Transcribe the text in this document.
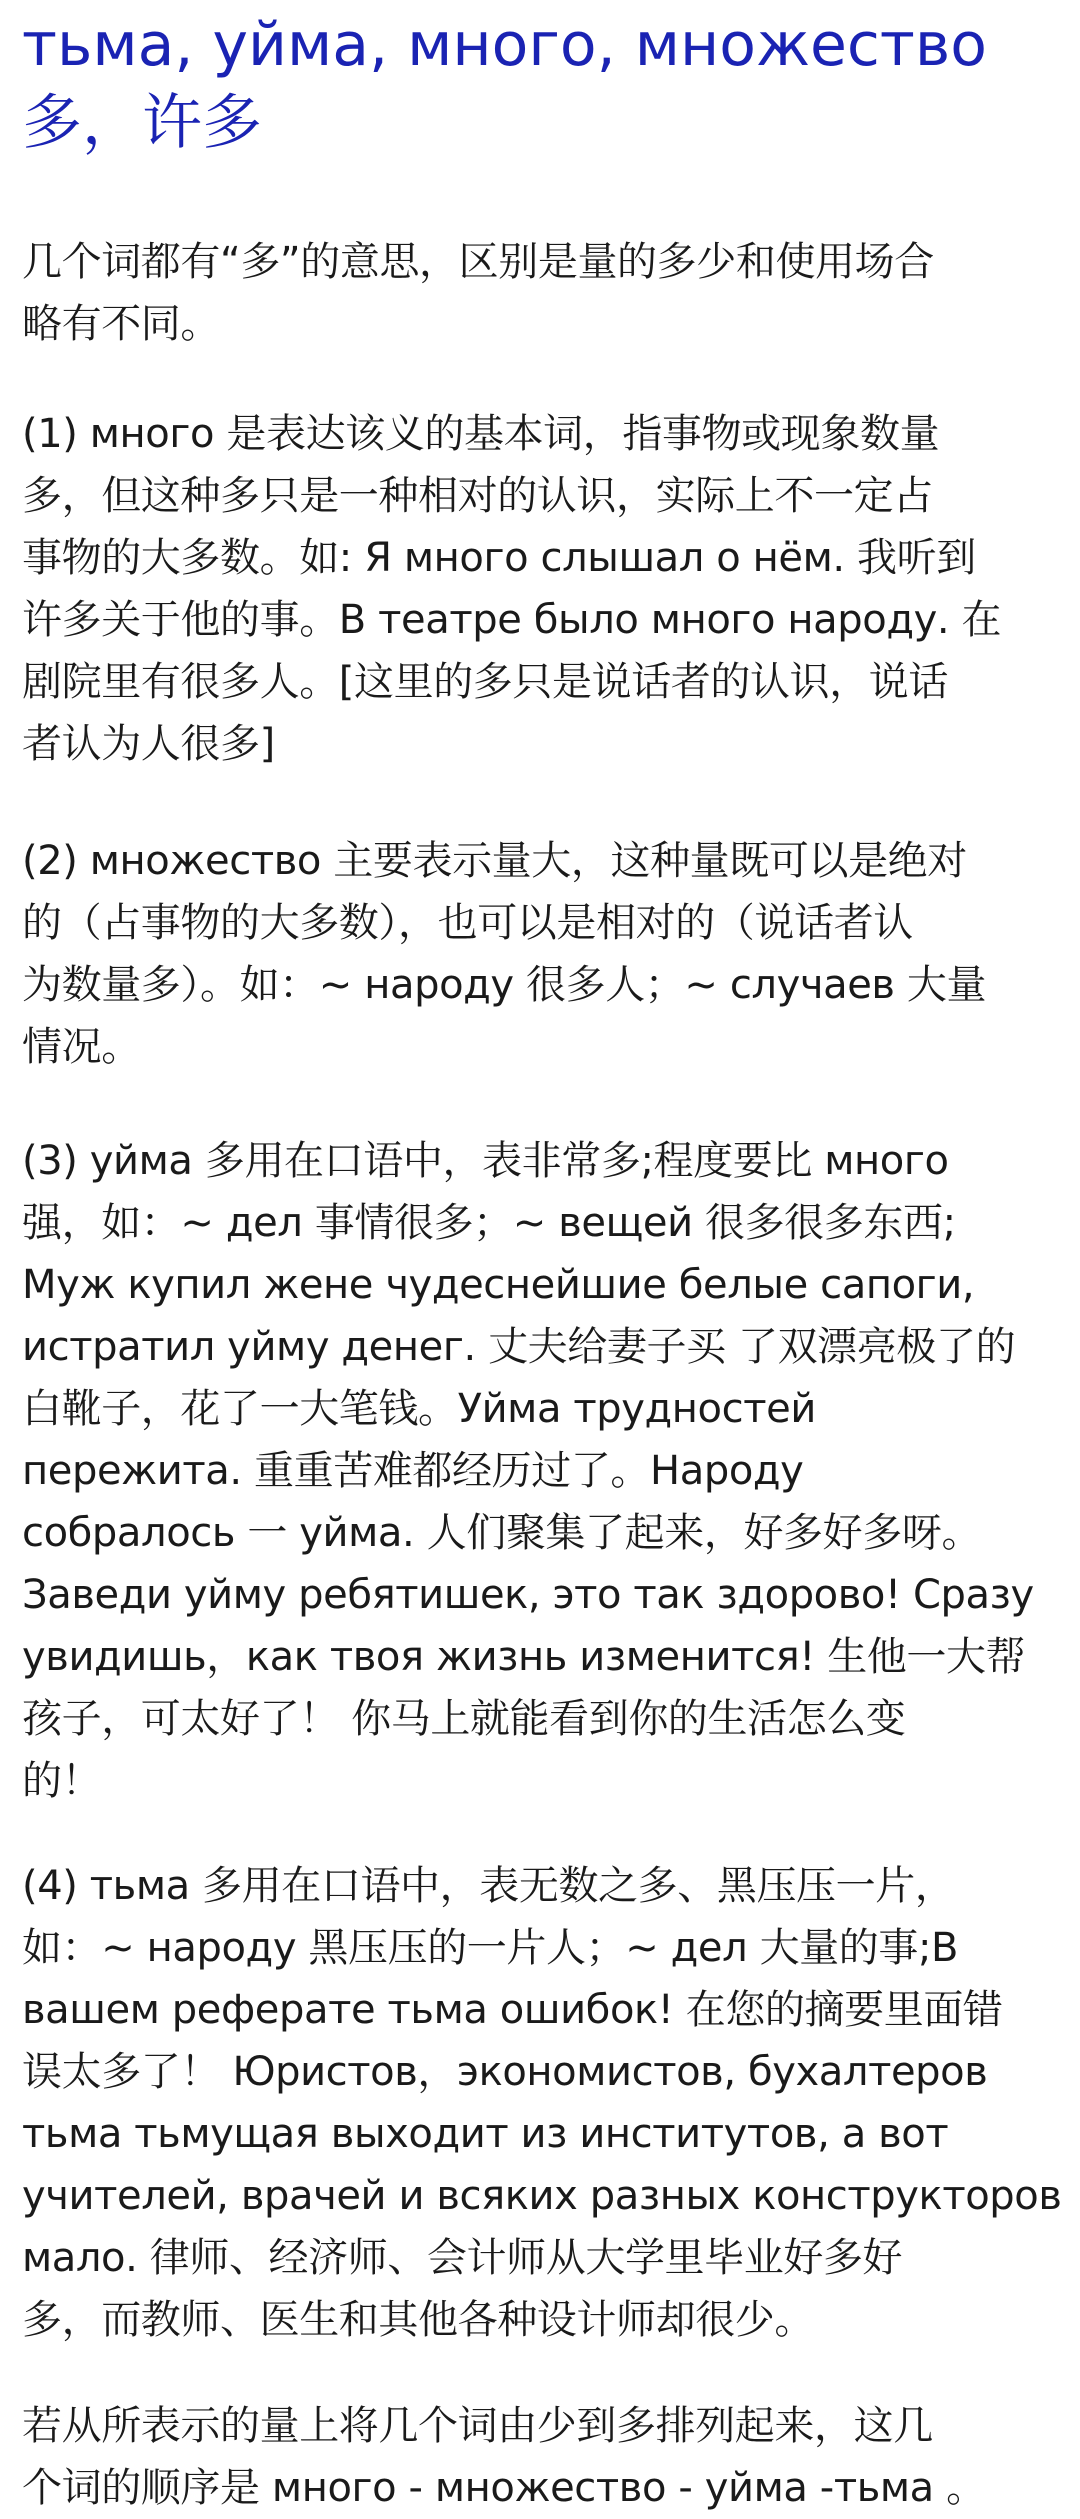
тьма, уйма, много, множество
多，许多
几个词都有“多”的意思，区别是量的多少和使用场合
略有不同。
(1) много 是表达该义的基本词，指事物或现象数量
多，但这种多只是一种相对的认识，实际上不一定占
事物的大多数。如: Я много слышал о нём. 我听到
许多关于他的事。В театре было много народу. 在
剧院里有很多人。[这里的多只是说话者的认识，说话
者认为人很多]
(2) множество 主要表示量大，这种量既可以是绝对
的（占事物的大多数），也可以是相对的（说话者认
为数量多）。如：~ народу 很多人；~ случаев 大量
情况。
(3) уйма 多用在口语中，表非常多;程度要比 много
强，如：~ дел 事情很多；~ вещей 很多很多东西;
Муж купил жене чудеснейшие белые сапоги,
истратил уйму денег. 丈夫给妻子买 了双漂亮极了的
白靴子，花了一大笔钱。Уйма трудностей
пережита. 重重苦难都经历过了。Народу
собралось 一 уйма. 人们聚集了起来，好多好多呀。
Заведи уйму ребятишек, это так здорово! Сразу
увидишь，как твоя жизнь изменится! 生他一大帮
孩子，可太好了！ 你马上就能看到你的生活怎么变
的！
(4) тьма 多用在口语中，表无数之多、黑压压一片，
如：~ народу 黑压压的一片人；~ дел 大量的事;В
вашем реферате тьма ошибок! 在您的摘要里面错
误太多了！ Юристов，экономистов, бухалтеров
тьма тьмущая выходит из институтов, а вот
учителей, врачей и всяких разных конструкторов
мало. 律师、经济师、会计师从大学里毕业好多好
多，而教师、医生和其他各种设计师却很少。
若从所表示的量上将几个词由少到多排列起来，这几
个词的顺序是 много - множество - уйма -тьма 。
